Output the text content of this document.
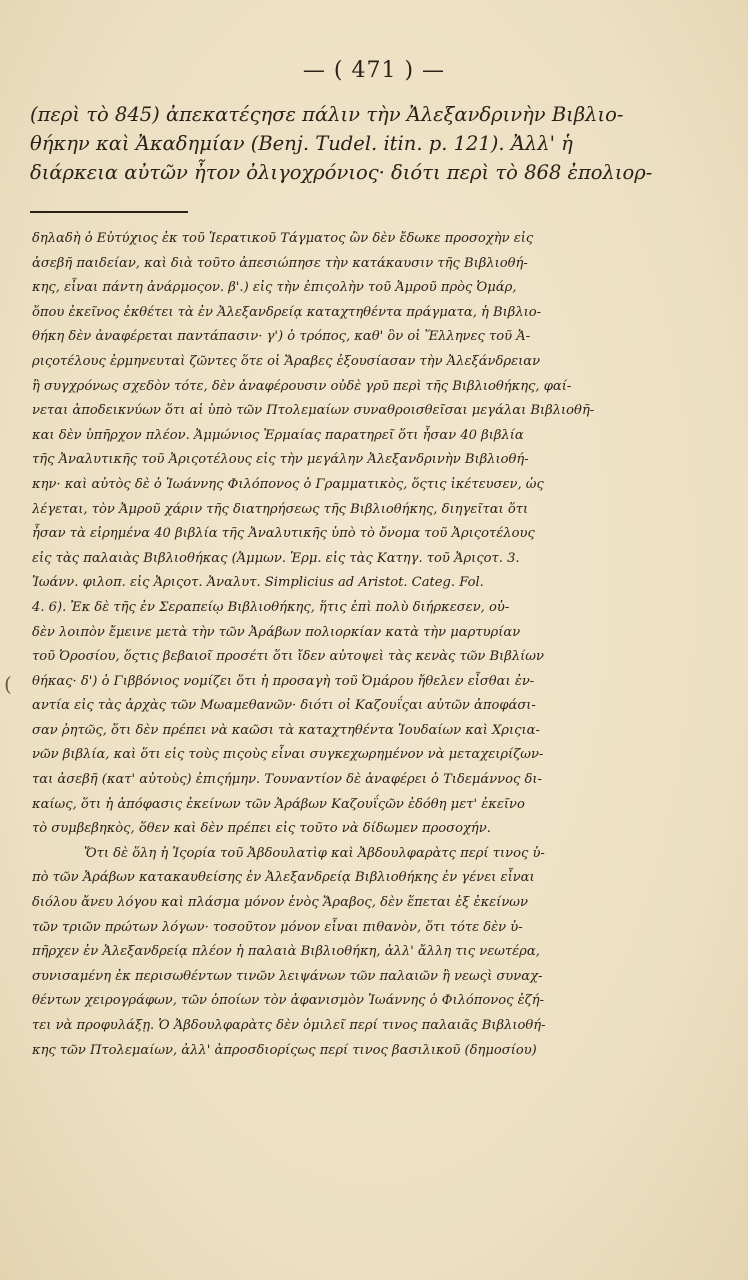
— ( 471 ) —
(περὶ τὸ 845) ἀπεκατέςησε πάλιν τὴν Ἀλεξανδρινὴν Βιβλιο-
θήκην καὶ Ἀκαδημίαν (Benj. Tudel. itin. p. 121). Ἀλλ' ἡ
διάρκεια αὐτῶν ἦτον ὀλιγοχρόνιος· διότι περὶ τὸ 868 ἐπολιορ-
δηλαδὴ ὁ Εὐτύχιος ἐκ τοῦ Ἱερατικοῦ Τάγματος ὢν δὲν ἔδωκε προσοχὴν εἰς
ἀσεβῆ παιδείαν, καὶ διὰ τοῦτο ἀπεσιώπησε τὴν κατάκαυσιν τῆς Βιβλιοθή-
κης, εἶναι πάντη ἀνάρμοςον. β'.) εἰς τὴν ἐπιςολὴν τοῦ Ἀμροῦ πρὸς Ὀμάρ,
ὅπου ἐκεῖνος ἐκθέτει τὰ ἐν Ἀλεξανδρείᾳ καταχτηθέντα πράγματα, ἡ Βιβλιο-
θήκη δὲν ἀναφέρεται παντάπασιν· γ') ὁ τρόπος, καθ' ὃν οἱ Ἕλληνες τοῦ Ἀ-
ριςοτέλους ἑρμηνευταὶ ζῶντες ὅτε οἱ Ἄραβες ἐξουσίασαν τὴν Ἀλεξάνδρειαν
ἢ συγχρόνως σχεδὸν τότε, δὲν ἀναφέρουσιν οὐδὲ γρῦ περὶ τῆς Βιβλιοθήκης, φαί-
νεται ἀποδεικνύων ὅτι αἱ ὑπὸ τῶν Πτολεμαίων συναθροισθεῖσαι μεγάλαι Βιβλιοθῆ-
και δὲν ὑπῆρχον πλέον. Ἀμμώνιος Ἑρμαίας παρατηρεῖ ὅτι ἦσαν 40 βιβλία
τῆς Ἀναλυτικῆς τοῦ Ἀριςοτέλους εἰς τὴν μεγάλην Ἀλεξανδρινὴν Βιβλιοθή-
κην· καὶ αὐτὸς δὲ ὁ Ἰωάννης Φιλόπονος ὁ Γραμματικὸς, ὅςτις ἱκέτευσεν, ὡς
λέγεται, τὸν Ἀμροῦ χάριν τῆς διατηρήσεως τῆς Βιβλιοθήκης, διηγεῖται ὅτι
ἦσαν τὰ εἰρημένα 40 βιβλία τῆς Ἀναλυτικῆς ὑπὸ τὸ ὄνομα τοῦ Ἀριςοτέλους
εἰς τὰς παλαιὰς Βιβλιοθήκας (Ἀμμων. Ἑρμ. εἰς τὰς Κατηγ. τοῦ Ἀριςοτ. 3.
Ἰωάνν. φιλοπ. εἰς Ἀριςοτ. Ἀναλυτ. Simplicius ad Aristot. Categ. Fol.
4. 6). Ἐκ δὲ τῆς ἐν Σεραπείῳ Βιβλιοθήκης, ἥτις ἐπὶ πολὺ διήρκεσεν, οὐ-
δὲν λοιπὸν ἔμεινε μετὰ τὴν τῶν Ἀράβων πολιορκίαν κατὰ τὴν μαρτυρίαν
τοῦ Ὀροσίου, ὅςτις βεβαιοῖ προσέτι ὅτι ἴδεν αὐτοψεὶ τὰς κενὰς τῶν Βιβλίων
θήκας· δ') ὁ Γιββόνιος νομίζει ὅτι ἡ προσαγὴ τοῦ Ὀμάρου ἤθελεν εἶσθαι ἐν-
αντία εἰς τὰς ἀρχὰς τῶν Μωαμεθανῶν· διότι οἱ Καζουΐςαι αὐτῶν ἀποφάσι-
σαν ῥητῶς, ὅτι δὲν πρέπει νὰ καῶσι τὰ καταχτηθέντα Ἰουδαίων καὶ Χριςια-
νῶν βιβλία, καὶ ὅτι εἰς τοὺς πιςοὺς εἶναι συγκεχωρημένον νὰ μεταχειρίζων-
ται ἀσεβῆ (κατ' αὐτοὺς) ἐπιςήμην. Τουναντίον δὲ ἀναφέρει ὁ Τιδεμάννος δι-
καίως, ὅτι ἡ ἀπόφασις ἐκείνων τῶν Ἀράβων Καζουΐςῶν ἐδόθη μετ' ἐκεῖνο
τὸ συμβεβηκὸς, ὅθεν καὶ δὲν πρέπει εἰς τοῦτο νὰ δίδωμεν προσοχήν.
Ὅτι δὲ ὅλη ἡ Ἱςορία τοῦ Ἀβδουλατὶφ καὶ Ἀβδουλφαρὰτς περί τινος ὑ-
πὸ τῶν Ἀράβων κατακαυθείσης ἐν Ἀλεξανδρείᾳ Βιβλιοθήκης ἐν γένει εἶναι
διόλου ἄνευ λόγου καὶ πλάσμα μόνον ἑνὸς Ἄραβος, δὲν ἕπεται ἐξ ἐκείνων
τῶν τριῶν πρώτων λόγων· τοσοῦτον μόνον εἶναι πιθανὸν, ὅτι τότε δὲν ὑ-
πῆρχεν ἐν Ἀλεξανδρείᾳ πλέον ἡ παλαιὰ Βιβλιοθήκη, ἀλλ' ἄλλη τις νεωτέρα,
συνισαμένη ἐκ περισωθέντων τινῶν λειψάνων τῶν παλαιῶν ἢ νεωςὶ συναχ-
θέντων χειρογράφων, τῶν ὁποίων τὸν ἀφανισμὸν Ἰωάννης ὁ Φιλόπονος ἐζή-
τει νὰ προφυλάξῃ. Ὁ Ἀβδουλφαρὰτς δὲν ὁμιλεῖ περί τινος παλαιᾶς Βιβλιοθή-
κης τῶν Πτολεμαίων, ἀλλ' ἀπροσδιορίςως περί τινος βασιλικοῦ (δημοσίου)
(
